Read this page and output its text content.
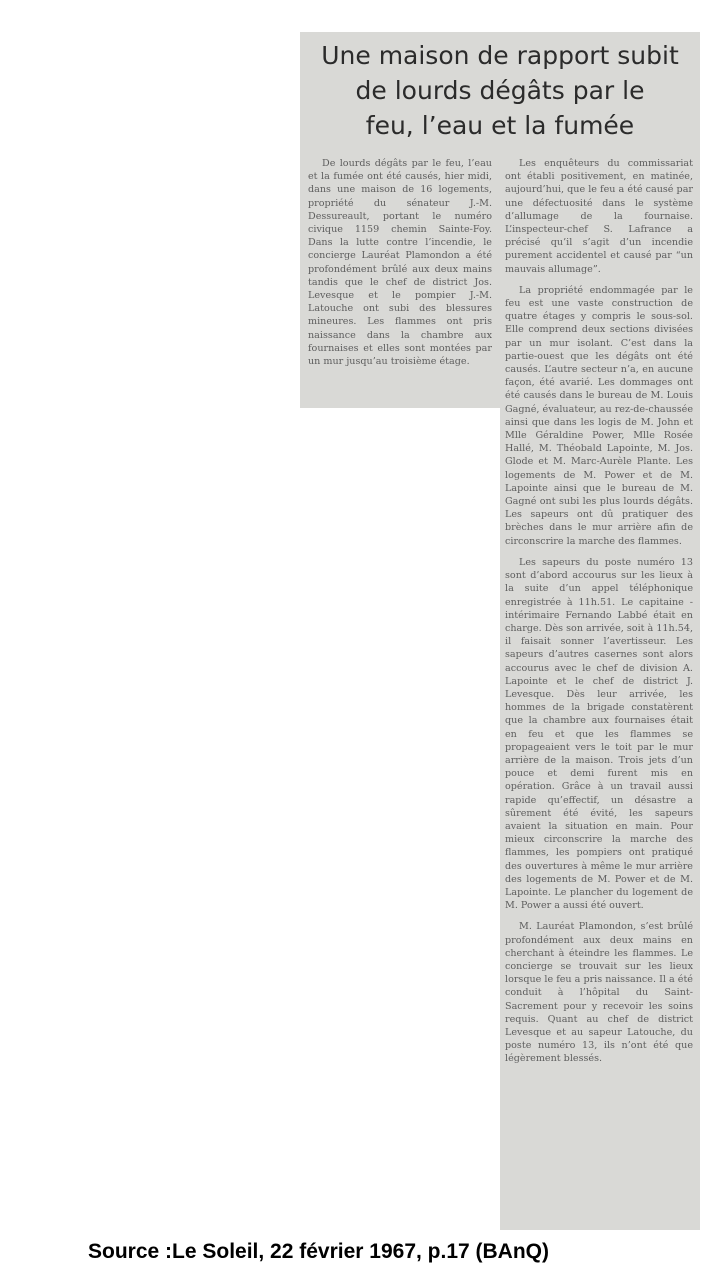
Une maison de rapport subit
de lourds dégâts par le
feu, l’eau et la fumée

De lourds dégâts par le feu, l’eau et la fumée ont été causés, hier midi, dans une maison de 16 logements, propriété du sénateur J.-M. Dessureault, portant le numéro civique 1159 chemin Sainte-Foy. Dans la lutte contre l’incendie, le concierge Lauréat Plamondon a été profondément brûlé aux deux mains tandis que le chef de district Jos. Levesque et le pompier J.-M. Latouche ont subi des blessures mineures. Les flammes ont pris naissance dans la chambre aux fournaises et elles sont montées par un mur jusqu’au troisième étage.

Les enquêteurs du commissariat ont établi positivement, en matinée, aujourd’hui, que le feu a été causé par une défectuosité dans le système d’allumage de la fournaise. L’inspecteur-chef S. Lafrance a précisé qu’il s’agit d’un incendie purement accidentel et causé par “un mauvais allumage”.

La propriété endommagée par le feu est une vaste construction de quatre étages y compris le sous-sol. Elle comprend deux sections divisées par un mur isolant. C’est dans la partie-ouest que les dégâts ont été causés. L’autre secteur n’a, en aucune façon, été avarié. Les dommages ont été causés dans le bureau de M. Louis Gagné, évaluateur, au rez-de-chaussée ainsi que dans les logis de M. John et Mlle Géraldine Power, Mlle Rosée Hallé, M. Théobald Lapointe, M. Jos. Glode et M. Marc-Aurèle Plante. Les logements de M. Power et de M. Lapointe ainsi que le bureau de M. Gagné ont subi les plus lourds dégâts. Les sapeurs ont dû pratiquer des brèches dans le mur arrière afin de circonscrire la marche des flammes.

Les sapeurs du poste numéro 13 sont d’abord accourus sur les lieux à la suite d’un appel téléphonique enregistrée à 11h.51. Le capitaine - intérimaire Fernando Labbé était en charge. Dès son arrivée, soit à 11h.54, il faisait sonner l’avertisseur. Les sapeurs d’autres casernes sont alors accourus avec le chef de division A. Lapointe et le chef de district J. Levesque. Dès leur arrivée, les hommes de la brigade constatèrent que la chambre aux fournaises était en feu et que les flammes se propageaient vers le toit par le mur arrière de la maison. Trois jets d’un pouce et demi furent mis en opération. Grâce à un travail aussi rapide qu’effectif, un désastre a sûrement été évité, les sapeurs avaient la situation en main. Pour mieux circonscrire la marche des flammes, les pompiers ont pratiqué des ouvertures à même le mur arrière des logements de M. Power et de M. Lapointe. Le plancher du logement de M. Power a aussi été ouvert.

M. Lauréat Plamondon, s’est brûlé profondément aux deux mains en cherchant à éteindre les flammes. Le concierge se trouvait sur les lieux lorsque le feu a pris naissance. Il a été conduit à l’hôpital du Saint-Sacrement pour y recevoir les soins requis. Quant au chef de district Levesque et au sapeur Latouche, du poste numéro 13, ils n’ont été que légèrement blessés.

Source :Le Soleil, 22 février 1967, p.17 (BAnQ)
